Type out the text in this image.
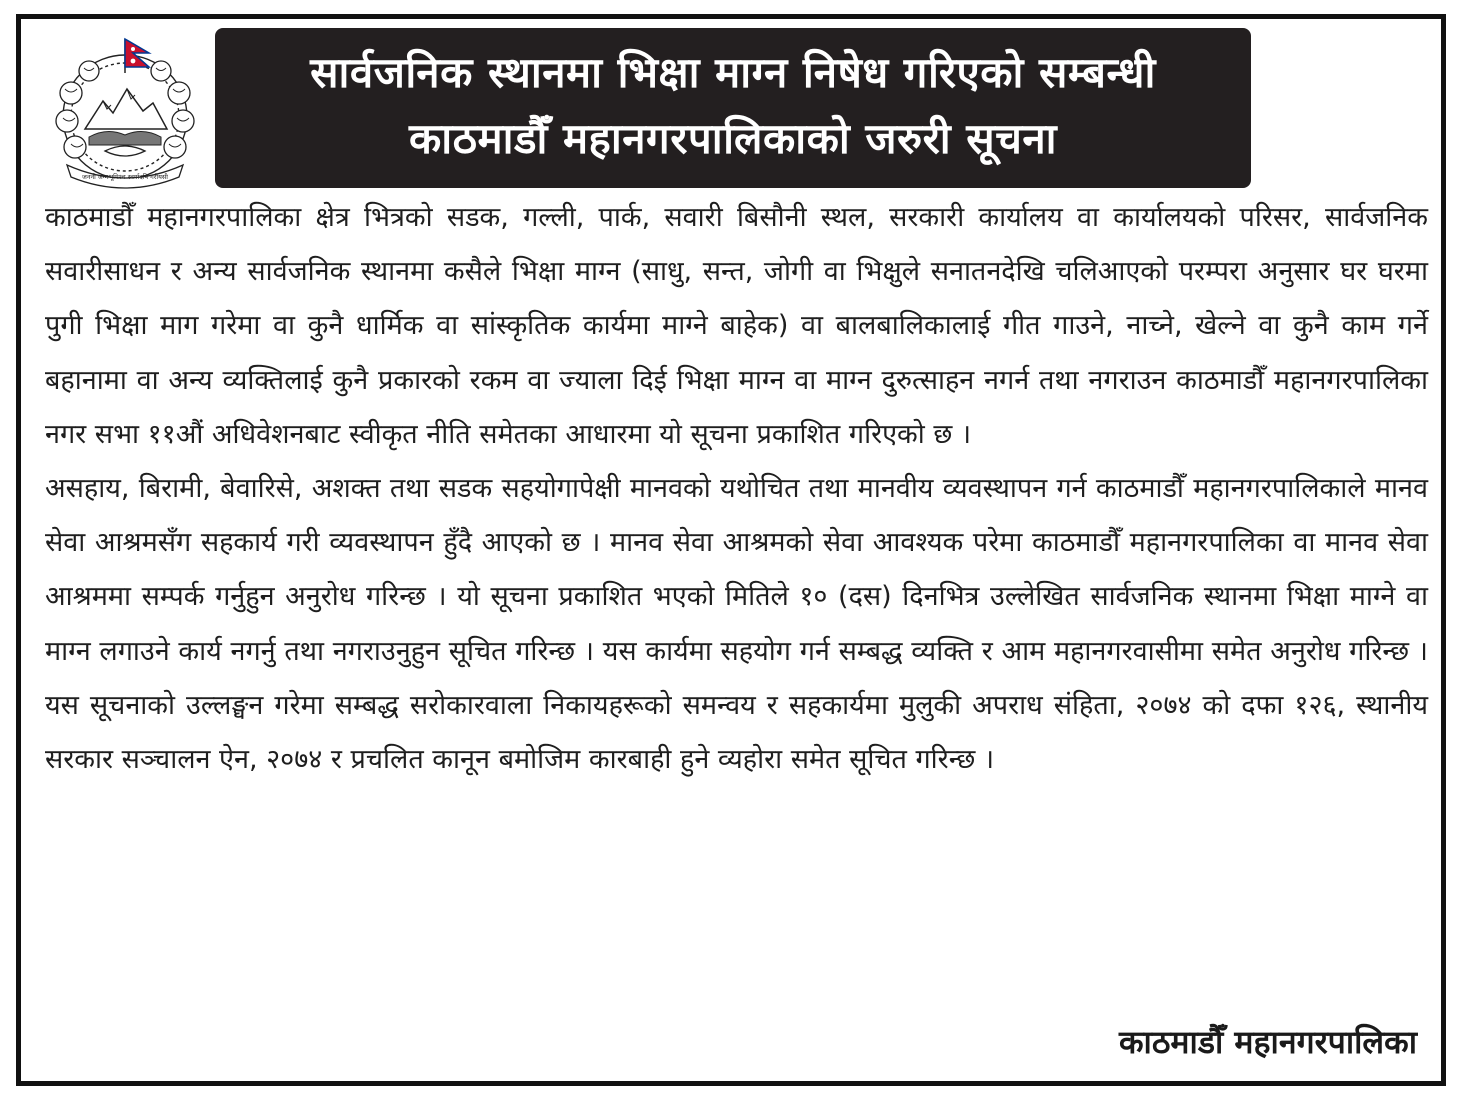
जननी जन्मभूमिश्च स्वर्गादपि गरीयसी
सार्वजनिक स्थानमा भिक्षा माग्न निषेध गरिएको सम्बन्धी
काठमाडौँ महानगरपालिकाको जरुरी सूचना

काठमाडौँ महानगरपालिका क्षेत्र भित्रको सडक, गल्ली, पार्क, सवारी बिसौनी स्थल, सरकारी कार्यालय वा कार्यालयको परिसर, सार्वजनिक सवारीसाधन र अन्य सार्वजनिक स्थानमा कसैले भिक्षा माग्न (साधु, सन्त, जोगी वा भिक्षुले सनातनदेखि चलिआएको परम्परा अनुसार घर घरमा पुगी भिक्षा माग गरेमा वा कुनै धार्मिक वा सांस्कृतिक कार्यमा माग्ने बाहेक) वा बालबालिकालाई गीत गाउने, नाच्ने, खेल्ने वा कुनै काम गर्ने बहानामा वा अन्य व्यक्तिलाई कुनै प्रकारको रकम वा ज्याला दिई भिक्षा माग्न वा माग्न दुरुत्साहन नगर्न तथा नगराउन काठमाडौँ महानगरपालिका नगर सभा ११औं अधिवेशनबाट स्वीकृत नीति समेतका आधारमा यो सूचना प्रकाशित गरिएको छ ।

असहाय, बिरामी, बेवारिसे, अशक्त तथा सडक सहयोगापेक्षी मानवको यथोचित तथा मानवीय व्यवस्थापन गर्न काठमाडौँ महानगरपालिकाले मानव सेवा आश्रमसँग सहकार्य गरी व्यवस्थापन हुँदै आएको छ । मानव सेवा आश्रमको सेवा आवश्यक परेमा काठमाडौँ महानगरपालिका वा मानव सेवा आश्रममा सम्पर्क गर्नुहुन अनुरोध गरिन्छ । यो सूचना प्रकाशित भएको मितिले १० (दस) दिनभित्र उल्लेखित सार्वजनिक स्थानमा भिक्षा माग्ने वा माग्न लगाउने कार्य नगर्नु तथा नगराउनुहुन सूचित गरिन्छ । यस कार्यमा सहयोग गर्न सम्बद्ध व्यक्ति र आम महानगरवासीमा समेत अनुरोध गरिन्छ । यस सूचनाको उल्लङ्घन गरेमा सम्बद्ध सरोकारवाला निकायहरूको समन्वय र सहकार्यमा मुलुकी अपराध संहिता, २०७४ को दफा १२६, स्थानीय सरकार सञ्चालन ऐन, २०७४ र प्रचलित कानून बमोजिम कारबाही हुने व्यहोरा समेत सूचित गरिन्छ ।

काठमाडौँ महानगरपालिका
